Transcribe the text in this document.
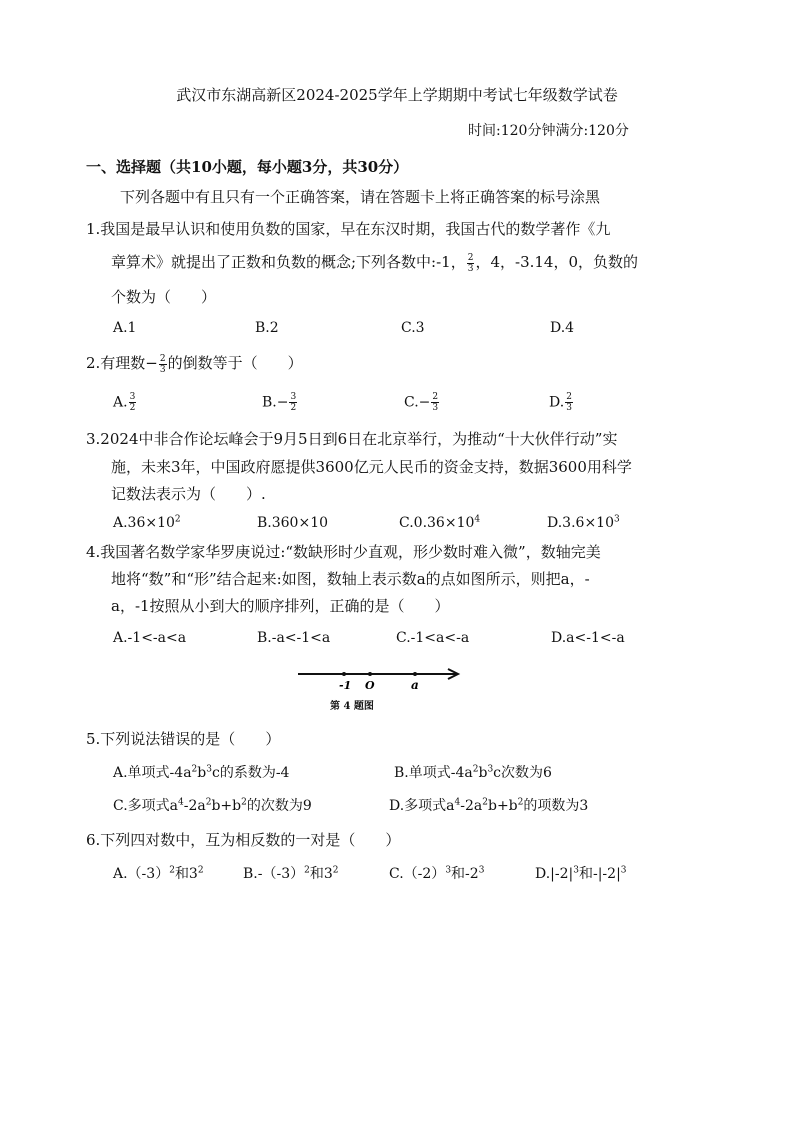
武汉市东湖高新区2024-2025学年上学期期中考试七年级数学试卷
时间:120分钟满分:120分
一、选择题（共10小题，每小题3分，共30分）
下列各题中有且只有一个正确答案，请在答题卡上将正确答案的标号涂黑
1.我国是最早认识和使用负数的国家，早在东汉时期，我国古代的数学著作《九
章算术》就提出了正数和负数的概念;下列各数中:-1， $\frac{2}{3}$ ，4，-3.14，0，负数的
个数为（　　）
A.1	B.2	C.3	D.4
2.有理数− $\frac{2}{3}$ 的倒数等于（　　）
A. $\frac{3}{2}$	$B.- \frac{3}{2}$	$C.- \frac{2}{3}$	D. $\frac{2}{3}$
3.2024中非合作论坛峰会于9月5日到6日在北京举行，为推动“十大伙伴行动”实
施，未来3年，中国政府愿提供3600亿元人民币的资金支持，数据3600用科学
记数法表示为（　　）.
$A.36\times 10^2$	B.360×10	$C.0.36\times 10^4$	$D.3.6\times 10^3$
4.我国著名数学家华罗庚说过:“数缺形时少直观，形少数时难入微”，数轴完美
地将“数”和“形”结合起来:如图，数轴上表示数a的点如图所示，则把a，-
a，-1按照从小到大的顺序排列，正确的是（　　）
A.-1<-a<a	B.-a<-1<a	C.-1<a<-a	D.a<-1<-a
-1 O	a
第 4 题图
5.下列说法错误的是（　　）
A.单项式$-4a^2b^3c$的系数为-4	B.单项式$-4a^2b^3c$次数为6
C.多项式$a^4-2a^2b+b^2$的次数为9	D.多项式$a^4-2a^2b+b^2$的项数为3
6.下列四对数中，互为相反数的一对是（　　）
$A.(-3)^2$和$3^2$	$B.-(-3)^2$和$3^2$	$C.(-2)^3$和$-2^3$	$D.|-2|^3$和$-|-2|^3$
